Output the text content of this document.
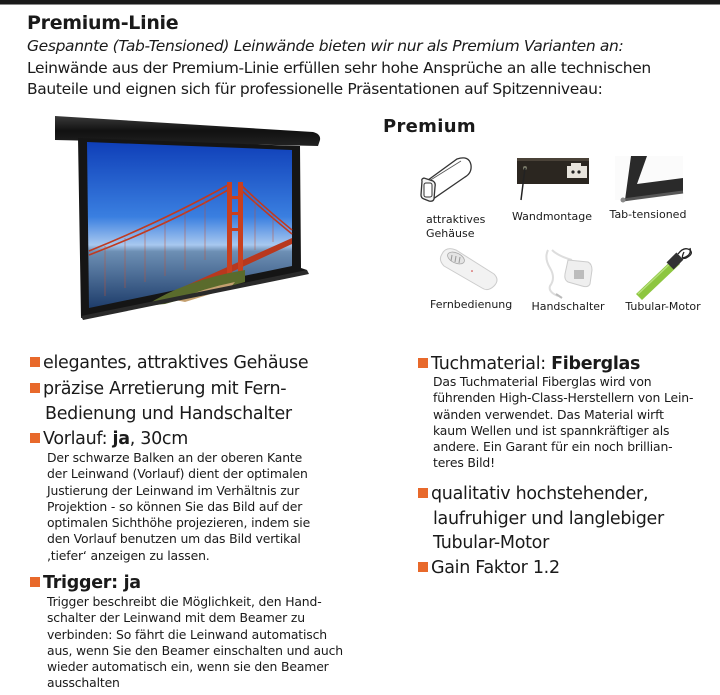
Premium-Linie
Gespannte (Tab-Tensioned) Leinwände bieten wir nur als Premium Varianten an:
Leinwände aus der Premium-Linie erfüllen sehr hohe Ansprüche an alle technischen
Bauteile und eignen sich für professionelle Präsentationen auf Spitzenniveau:
Premium
attraktives
Gehäuse
Wandmontage	Tab-tensioned
Fernbedienung	Handschalter	Tubular-Motor
elegantes, attraktives Gehäuse
präzise Arretierung mit Fern-
Bedienung und Handschalter
Vorlauf: ja, 30cm
Der schwarze Balken an der oberen Kante
der Leinwand (Vorlauf) dient der optimalen
Justierung der Leinwand im Verhältnis zur
Projektion - so können Sie das Bild auf der
optimalen Sichthöhe projezieren, indem sie
den Vorlauf benutzen um das Bild vertikal
‚tiefer‘ anzeigen zu lassen.
Trigger: ja
Trigger beschreibt die Möglichkeit, den Hand-
schalter der Leinwand mit dem Beamer zu
verbinden: So fährt die Leinwand automatisch
aus, wenn Sie den Beamer einschalten und auch
wieder automatisch ein, wenn sie den Beamer
ausschalten
Tuchmaterial: Fiberglas
Das Tuchmaterial Fiberglas wird von
führenden High-Class-Herstellern von Lein-
wänden verwendet. Das Material wirft
kaum Wellen und ist spannkräftiger als
andere. Ein Garant für ein noch brillian-
teres Bild!
qualitativ hochstehender,
laufruhiger und langlebiger
Tubular-Motor
Gain Faktor 1.2
